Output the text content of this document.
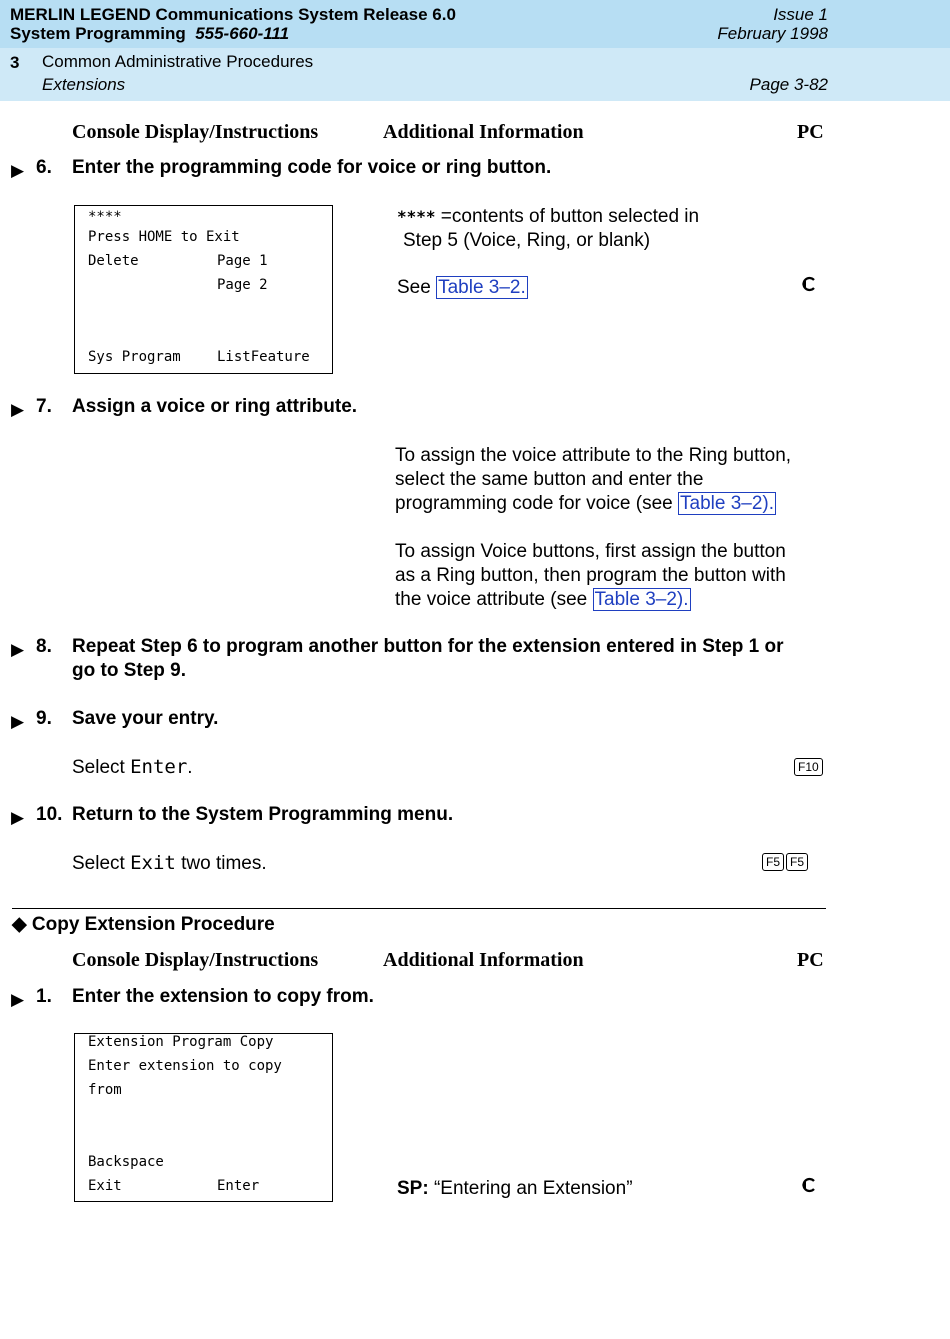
MERLIN LEGEND Communications System Release 6.0
System Programming 555-660-111
Issue 1
February 1998
3 Common Administrative Procedures
Extensions	Page 3-82
Console Display/Instructions	Additional Information	PC
▶ 6. Enter the programming code for voice or ring button.
****
Press HOME to Exit
Delete	Page 1
Page 2
Sys Program	ListFeature
**** =contents of button selected in
Step 5 (Voice, Ring, or blank)
See Table 3–2.
▶ 7. Assign a voice or ring attribute.
To assign the voice attribute to the Ring button,
select the same button and enter the
programming code for voice (see Table 3–2).
To assign Voice buttons, first assign the button
as a Ring button, then program the button with
the voice attribute (see Table 3–2).
▶ 8. Repeat Step 6 to program another button for the extension entered in Step 1 or
go to Step 9.
▶ 9. Save your entry.
Select Enter.	F10
▶ 10. Return to the System Programming menu.
Select Exit two times.	F5 F5
◆ Copy Extension Procedure
Console Display/Instructions	Additional Information	PC
▶ 1. Enter the extension to copy from.
Extension Program Copy
Enter extension to copy
from
Backspace
Exit	Enter	SP: “Entering an Extension”
